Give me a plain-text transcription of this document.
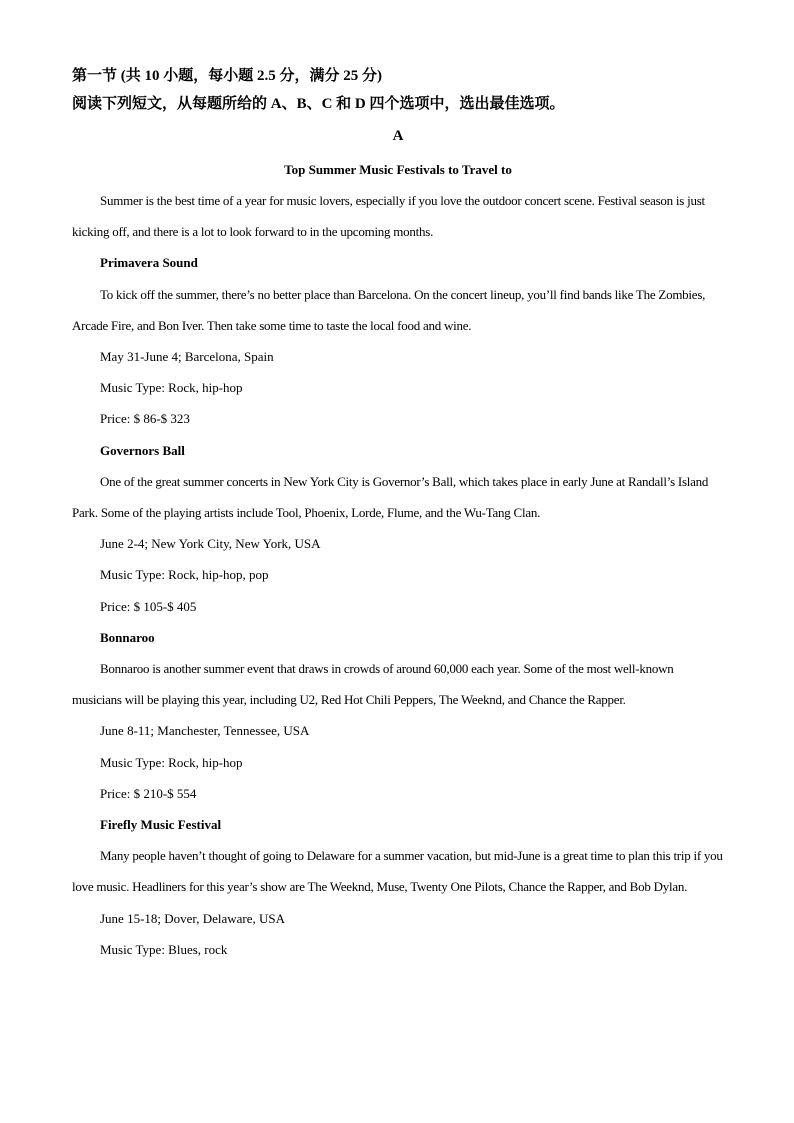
第一节 (共 10 小题，每小题 2.5 分，满分 25 分)
阅读下列短文，从每题所给的 A、B、C 和 D 四个选项中，选出最佳选项。
A
Top Summer Music Festivals to Travel to
Summer is the best time of a year for music lovers, especially if you love the outdoor concert scene. Festival season is just kicking off, and there is a lot to look forward to in the upcoming months.
Primavera Sound
To kick off the summer, there’s no better place than Barcelona. On the concert lineup, you’ll find bands like The Zombies, Arcade Fire, and Bon Iver. Then take some time to taste the local food and wine.
May 31-June 4; Barcelona, Spain
Music Type: Rock, hip-hop
Price: $ 86-$ 323
Governors Ball
One of the great summer concerts in New York City is Governor’s Ball, which takes place in early June at Randall’s Island Park. Some of the playing artists include Tool, Phoenix, Lorde, Flume, and the Wu-Tang Clan.
June 2-4; New York City, New York, USA
Music Type: Rock, hip-hop, pop
Price: $ 105-$ 405
Bonnaroo
Bonnaroo is another summer event that draws in crowds of around 60,000 each year. Some of the most well-known musicians will be playing this year, including U2, Red Hot Chili Peppers, The Weeknd, and Chance the Rapper.
June 8-11; Manchester, Tennessee, USA
Music Type: Rock, hip-hop
Price: $ 210-$ 554
Firefly Music Festival
Many people haven’t thought of going to Delaware for a summer vacation, but mid-June is a great time to plan this trip if you love music. Headliners for this year’s show are The Weeknd, Muse, Twenty One Pilots, Chance the Rapper, and Bob Dylan.
June 15-18; Dover, Delaware, USA
Music Type: Blues, rock
